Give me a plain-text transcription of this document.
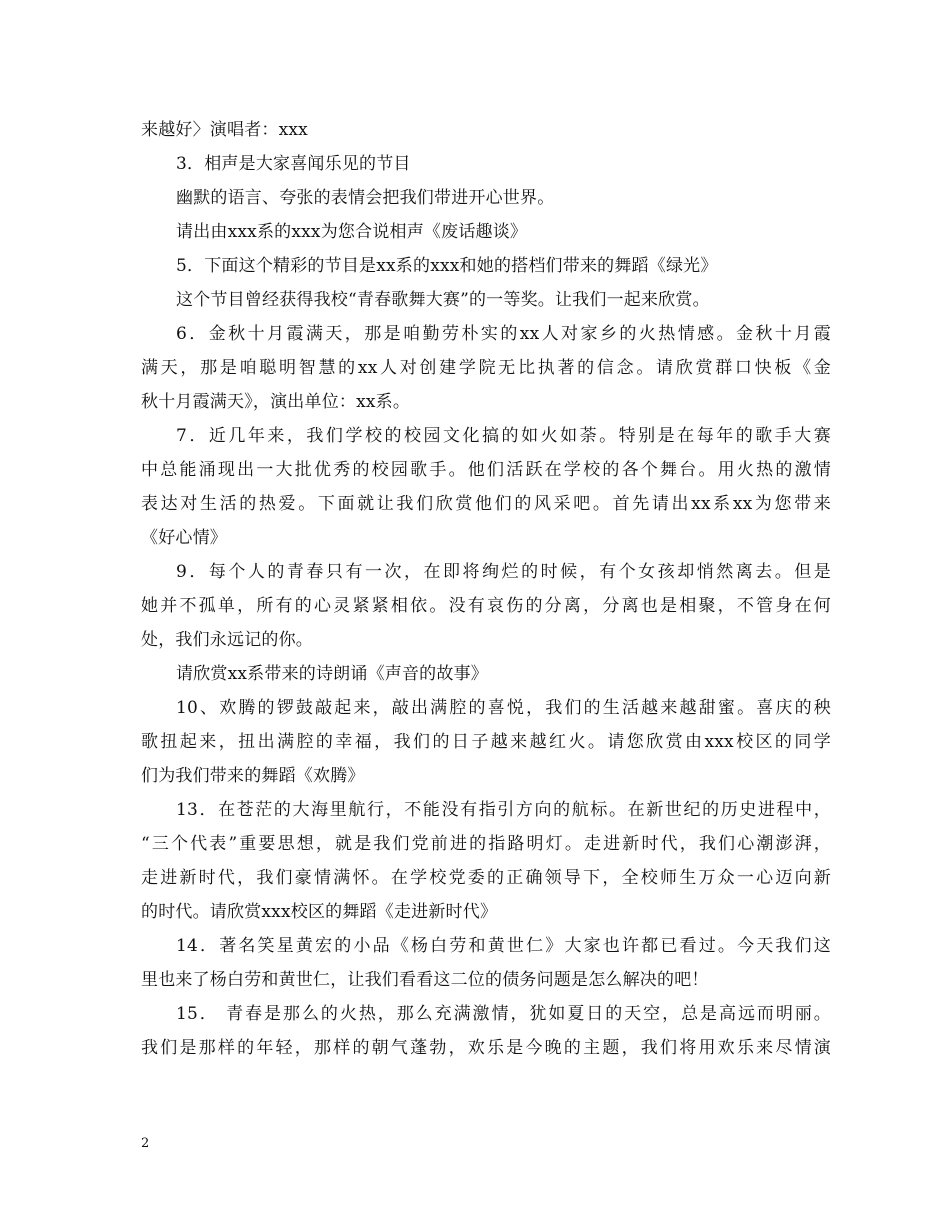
来越好〉演唱者：xxx
3．相声是大家喜闻乐见的节目
幽默的语言、夸张的表情会把我们带进开心世界。
请出由xxx系的xxx为您合说相声《废话趣谈》
5．下面这个精彩的节目是xx系的xxx和她的搭档们带来的舞蹈《绿光》
这个节目曾经获得我校“青春歌舞大赛”的一等奖。让我们一起来欣赏。
6．金秋十月霞满天，那是咱勤劳朴实的xx人对家乡的火热情感。金秋十月霞
满天，那是咱聪明智慧的xx人对创建学院无比执著的信念。请欣赏群口快板《金
秋十月霞满天》，演出单位：xx系。
7．近几年来，我们学校的校园文化搞的如火如荼。特别是在每年的歌手大赛
中总能涌现出一大批优秀的校园歌手。他们活跃在学校的各个舞台。用火热的激情
表达对生活的热爱。下面就让我们欣赏他们的风采吧。首先请出xx系xx为您带来
《好心情》
9．每个人的青春只有一次，在即将绚烂的时候，有个女孩却悄然离去。但是
她并不孤单，所有的心灵紧紧相依。没有哀伤的分离，分离也是相聚，不管身在何
处，我们永远记的你。
请欣赏xx系带来的诗朗诵《声音的故事》
10、欢腾的锣鼓敲起来，敲出满腔的喜悦，我们的生活越来越甜蜜。喜庆的秧
歌扭起来，扭出满腔的幸福，我们的日子越来越红火。请您欣赏由xxx校区的同学
们为我们带来的舞蹈《欢腾》
13．在苍茫的大海里航行，不能没有指引方向的航标。在新世纪的历史进程中，
“三个代表”重要思想，就是我们党前进的指路明灯。走进新时代，我们心潮澎湃，
走进新时代，我们豪情满怀。在学校党委的正确领导下，全校师生万众一心迈向新
的时代。请欣赏xxx校区的舞蹈《走进新时代》
14．著名笑星黄宏的小品《杨白劳和黄世仁》大家也许都已看过。今天我们这
里也来了杨白劳和黄世仁，让我们看看这二位的债务问题是怎么解决的吧！
15． 青春是那么的火热，那么充满激情，犹如夏日的天空，总是高远而明丽。
我们是那样的年轻，那样的朝气蓬勃，欢乐是今晚的主题，我们将用欢乐来尽情演
2
